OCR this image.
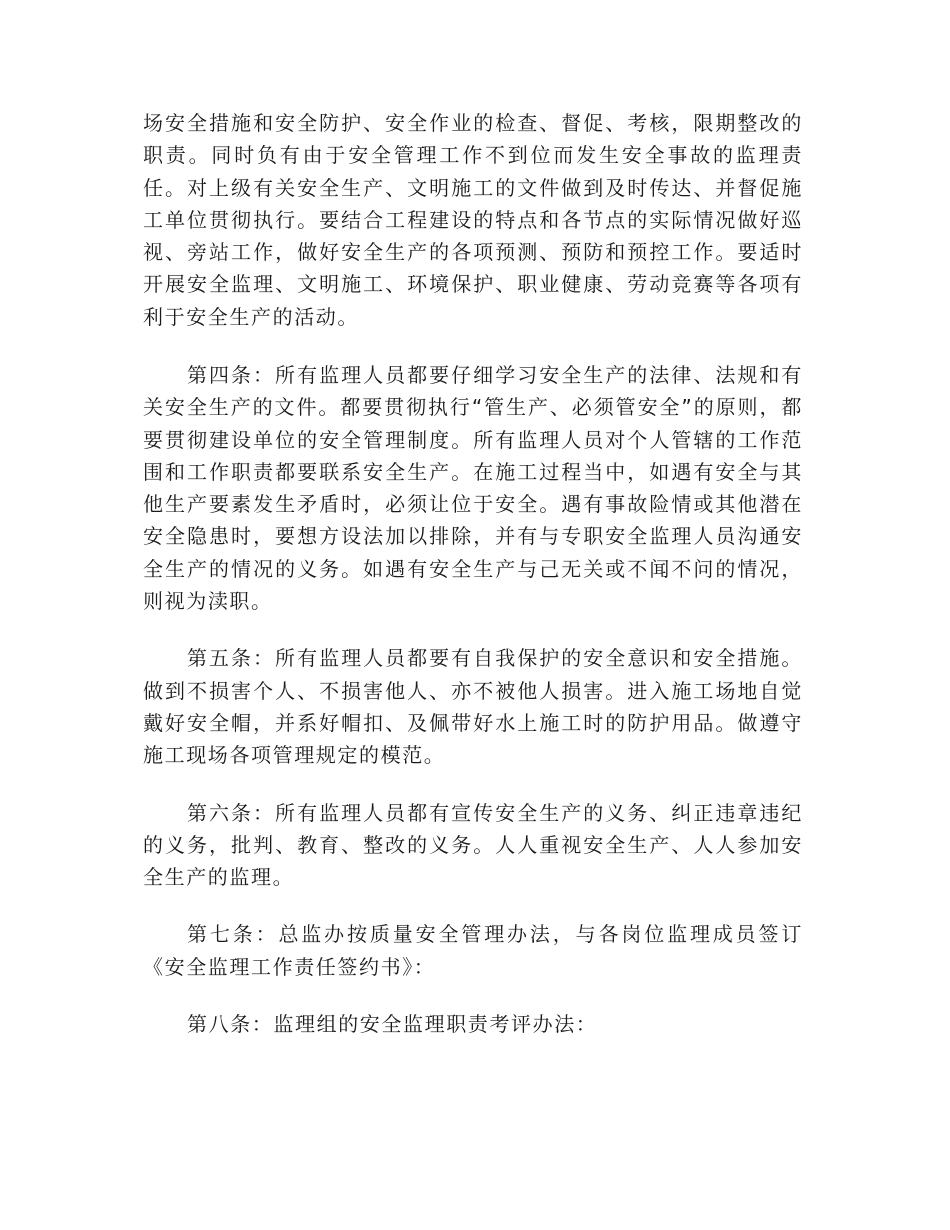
场安全措施和安全防护、安全作业的检查、督促、考核，限期整改的职责。同时负有由于安全管理工作不到位而发生安全事故的监理责任。对上级有关安全生产、文明施工的文件做到及时传达、并督促施工单位贯彻执行。要结合工程建设的特点和各节点的实际情况做好巡视、旁站工作，做好安全生产的各项预测、预防和预控工作。要适时开展安全监理、文明施工、环境保护、职业健康、劳动竞赛等各项有利于安全生产的活动。

第四条：所有监理人员都要仔细学习安全生产的法律、法规和有关安全生产的文件。都要贯彻执行“管生产、必须管安全”的原则，都要贯彻建设单位的安全管理制度。所有监理人员对个人管辖的工作范围和工作职责都要联系安全生产。在施工过程当中，如遇有安全与其他生产要素发生矛盾时，必须让位于安全。遇有事故险情或其他潜在安全隐患时，要想方设法加以排除，并有与专职安全监理人员沟通安全生产的情况的义务。如遇有安全生产与己无关或不闻不问的情况，则视为渎职。

第五条：所有监理人员都要有自我保护的安全意识和安全措施。做到不损害个人、不损害他人、亦不被他人损害。进入施工场地自觉戴好安全帽，并系好帽扣、及佩带好水上施工时的防护用品。做遵守施工现场各项管理规定的模范。

第六条：所有监理人员都有宣传安全生产的义务、纠正违章违纪的义务，批判、教育、整改的义务。人人重视安全生产、人人参加安全生产的监理。

第七条：总监办按质量安全管理办法，与各岗位监理成员签订《安全监理工作责任签约书》：

第八条：监理组的安全监理职责考评办法：
